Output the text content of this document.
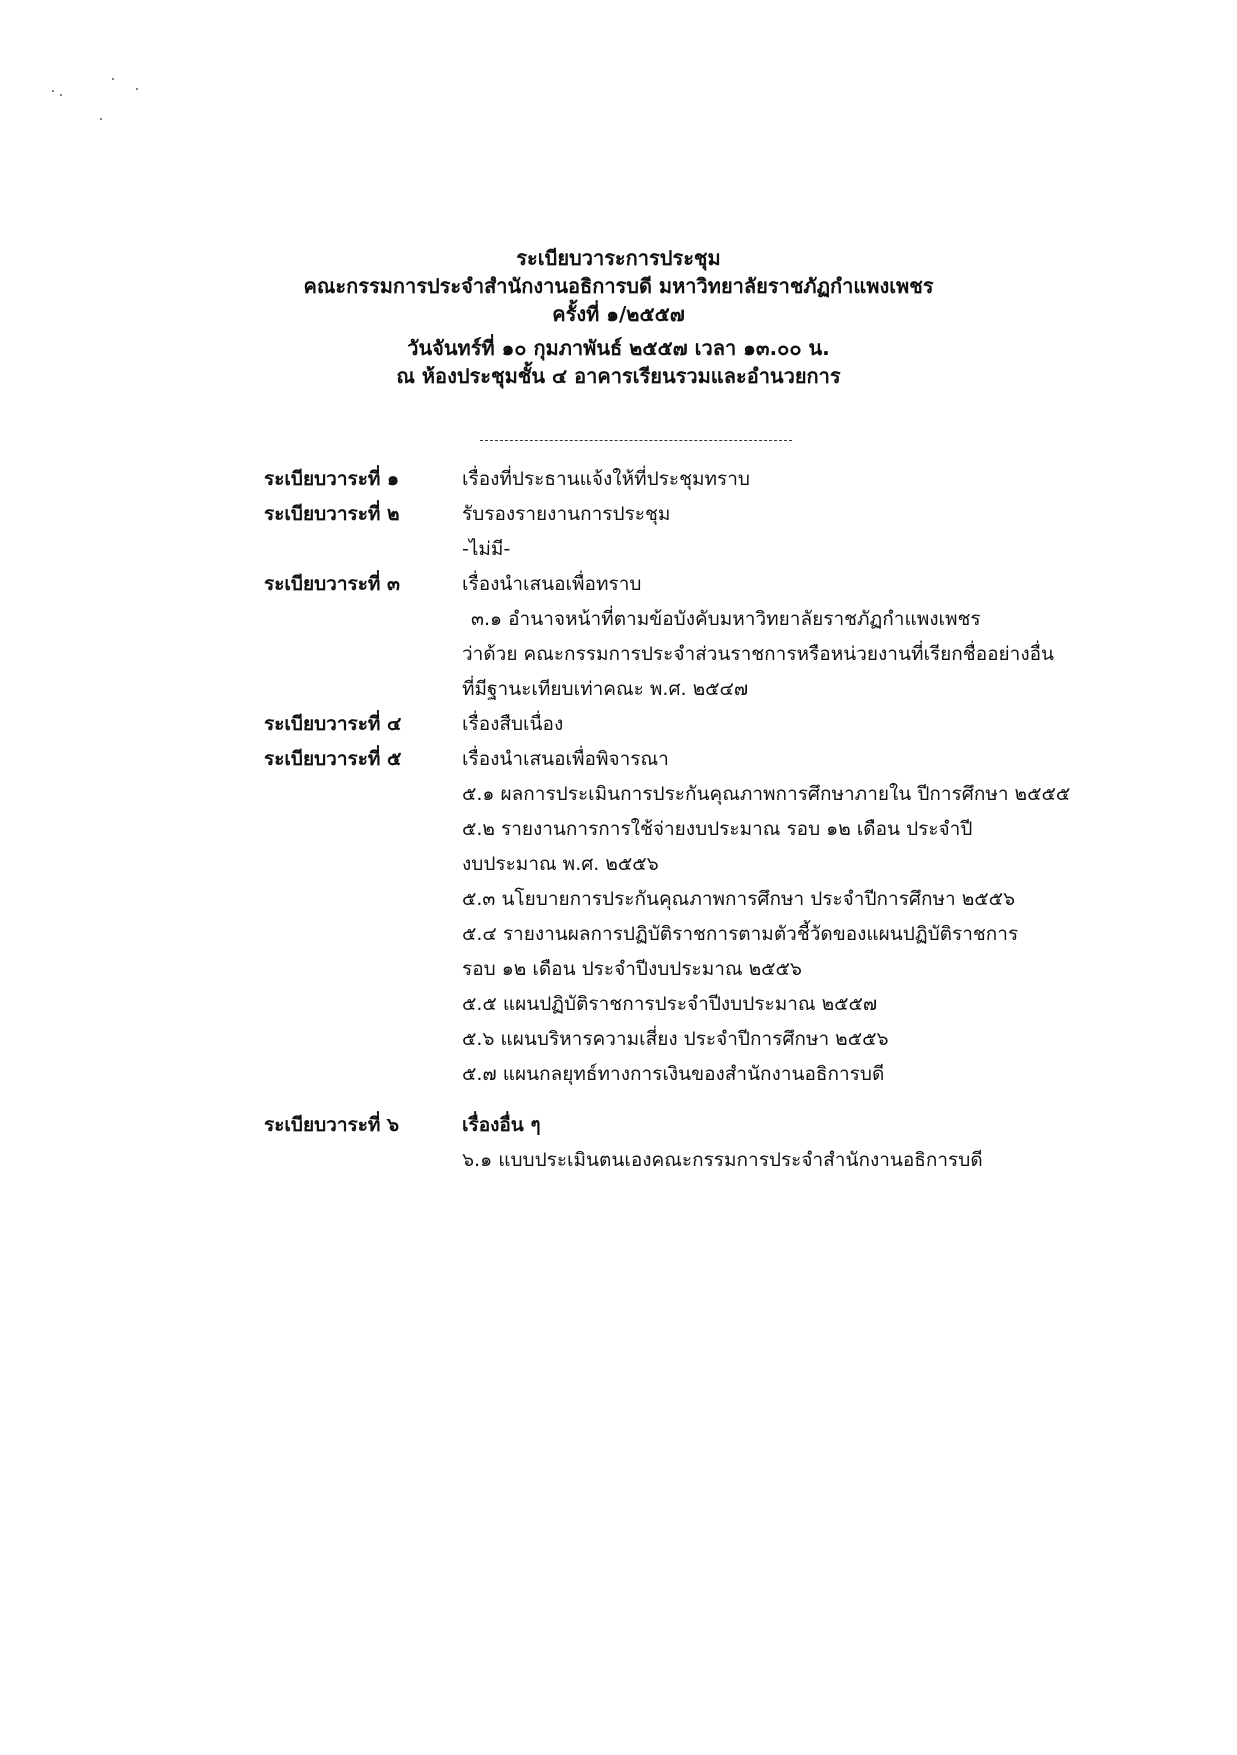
ระเบียบวาระการประชุม
คณะกรรมการประจำสำนักงานอธิการบดี มหาวิทยาลัยราชภัฏกำแพงเพชร
ครั้งที่ ๑/๒๕๕๗
วันจันทร์ที่ ๑๐ กุมภาพันธ์ ๒๕๕๗ เวลา ๑๓.๐๐ น.
ณ ห้องประชุมชั้น ๔ อาคารเรียนรวมและอำนวยการ
ระเบียบวาระที่ ๑	เรื่องที่ประธานแจ้งให้ที่ประชุมทราบ
ระเบียบวาระที่ ๒	รับรองรายงานการประชุม
-ไม่มี-
ระเบียบวาระที่ ๓	เรื่องนำเสนอเพื่อทราบ
๓.๑ อำนาจหน้าที่ตามข้อบังคับมหาวิทยาลัยราชภัฏกำแพงเพชร
ว่าด้วย คณะกรรมการประจำส่วนราชการหรือหน่วยงานที่เรียกชื่ออย่างอื่น
ที่มีฐานะเทียบเท่าคณะ พ.ศ. ๒๕๔๗
ระเบียบวาระที่ ๔	เรื่องสืบเนื่อง
ระเบียบวาระที่ ๕	เรื่องนำเสนอเพื่อพิจารณา
๕.๑ ผลการประเมินการประกันคุณภาพการศึกษาภายใน ปีการศึกษา ๒๕๕๕
๕.๒ รายงานการการใช้จ่ายงบประมาณ รอบ ๑๒ เดือน ประจำปี
งบประมาณ พ.ศ. ๒๕๕๖
๕.๓ นโยบายการประกันคุณภาพการศึกษา ประจำปีการศึกษา ๒๕๕๖
๕.๔ รายงานผลการปฏิบัติราชการตามตัวชี้วัดของแผนปฏิบัติราชการ
รอบ ๑๒ เดือน ประจำปีงบประมาณ ๒๕๕๖
๕.๕ แผนปฏิบัติราชการประจำปีงบประมาณ ๒๕๕๗
๕.๖ แผนบริหารความเสี่ยง ประจำปีการศึกษา ๒๕๕๖
๕.๗ แผนกลยุทธ์ทางการเงินของสำนักงานอธิการบดี
ระเบียบวาระที่ ๖	เรื่องอื่น ๆ
๖.๑ แบบประเมินตนเองคณะกรรมการประจำสำนักงานอธิการบดี
